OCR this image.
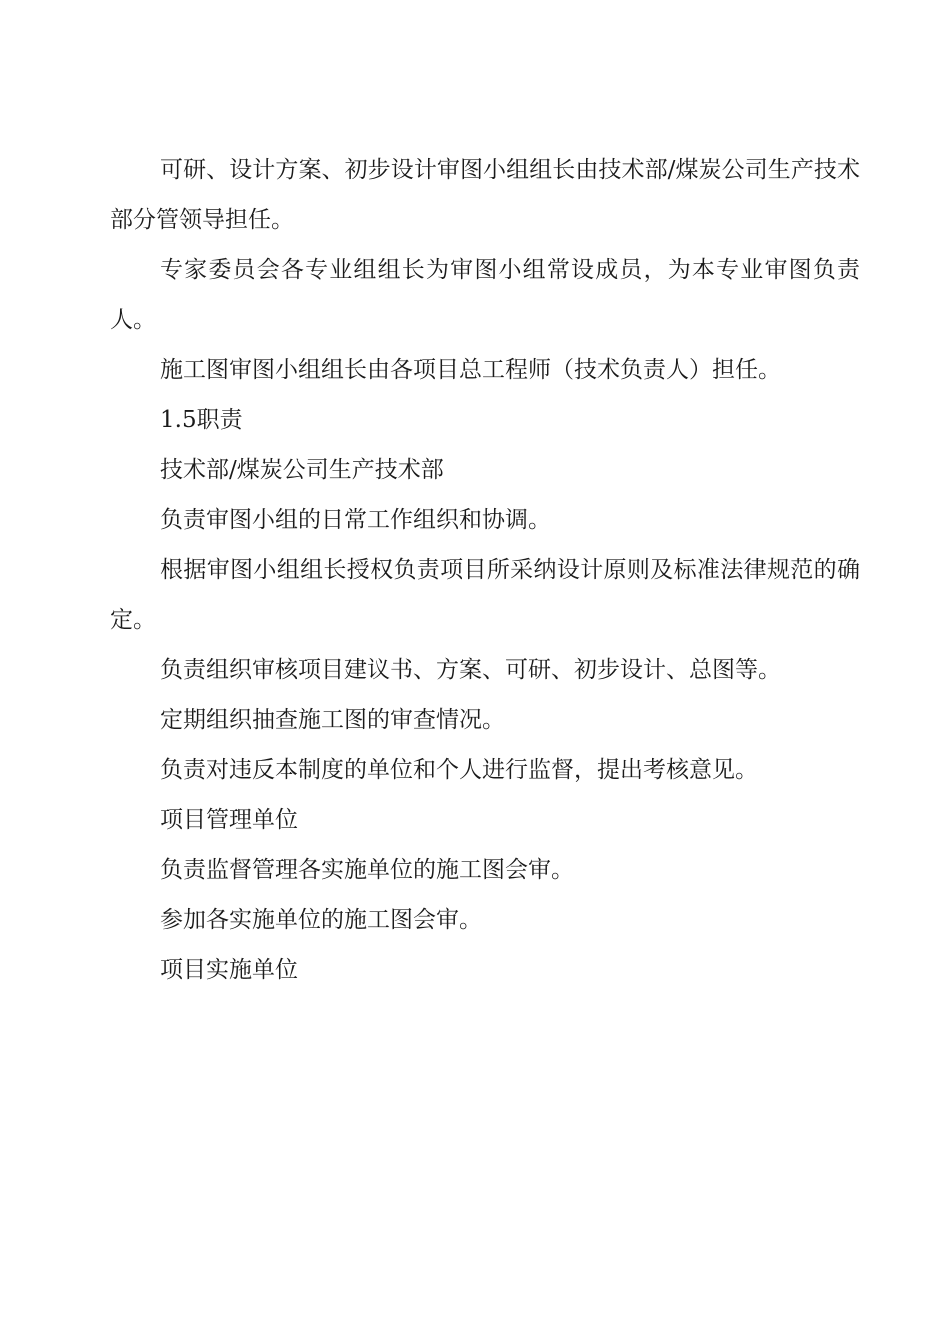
可研、设计方案、初步设计审图小组组长由技术部/煤炭公司生产技术部分管领导担任。

专家委员会各专业组组长为审图小组常设成员，为本专业审图负责人。

施工图审图小组组长由各项目总工程师（技术负责人）担任。

1.5职责

技术部/煤炭公司生产技术部

负责审图小组的日常工作组织和协调。

根据审图小组组长授权负责项目所采纳设计原则及标准法律规范的确定。

负责组织审核项目建议书、方案、可研、初步设计、总图等。

定期组织抽查施工图的审查情况。

负责对违反本制度的单位和个人进行监督，提出考核意见。

项目管理单位

负责监督管理各实施单位的施工图会审。

参加各实施单位的施工图会审。

项目实施单位
